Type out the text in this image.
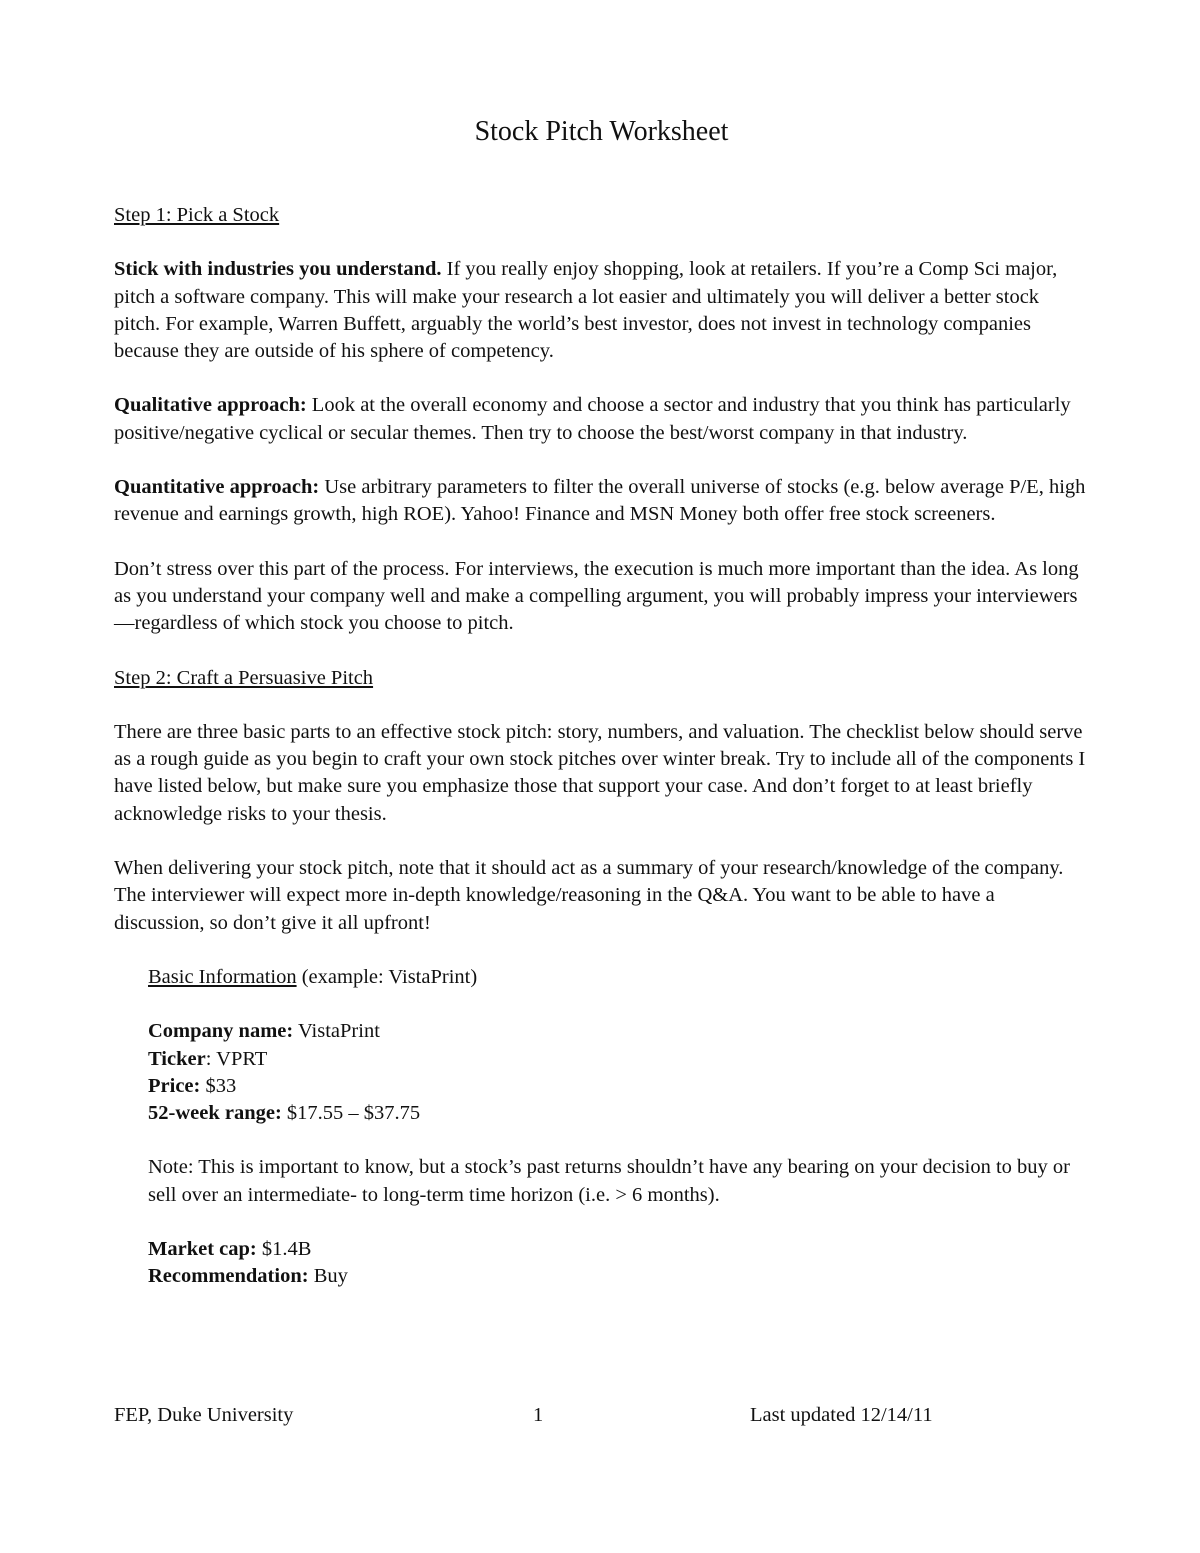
Stock Pitch Worksheet
Step 1: Pick a Stock

Stick with industries you understand. If you really enjoy shopping, look at retailers. If you’re a Comp Sci major, pitch a software company. This will make your research a lot easier and ultimately you will deliver a better stock pitch. For example, Warren Buffett, arguably the world’s best investor, does not invest in technology companies because they are outside of his sphere of competency.

Qualitative approach: Look at the overall economy and choose a sector and industry that you think has particularly positive/negative cyclical or secular themes. Then try to choose the best/worst company in that industry.

Quantitative approach: Use arbitrary parameters to filter the overall universe of stocks (e.g. below average P/E, high revenue and earnings growth, high ROE). Yahoo! Finance and MSN Money both offer free stock screeners.

Don’t stress over this part of the process. For interviews, the execution is much more important than the idea. As long as you understand your company well and make a compelling argument, you will probably impress your interviewers—regardless of which stock you choose to pitch.

Step 2: Craft a Persuasive Pitch

There are three basic parts to an effective stock pitch: story, numbers, and valuation. The checklist below should serve as a rough guide as you begin to craft your own stock pitches over winter break. Try to include all of the components I have listed below, but make sure you emphasize those that support your case. And don’t forget to at least briefly acknowledge risks to your thesis.

When delivering your stock pitch, note that it should act as a summary of your research/knowledge of the company. The interviewer will expect more in-depth knowledge/reasoning in the Q&A. You want to be able to have a discussion, so don’t give it all upfront!

Basic Information (example: VistaPrint)

Company name: VistaPrint

Ticker: VPRT

Price: $33

52-week range: $17.55 – $37.75

Note: This is important to know, but a stock’s past returns shouldn’t have any bearing on your decision to buy or sell over an intermediate- to long-term time horizon (i.e. > 6 months).

Market cap: $1.4B

Recommendation: Buy

FEP, Duke University	1	Last updated 12/14/11
